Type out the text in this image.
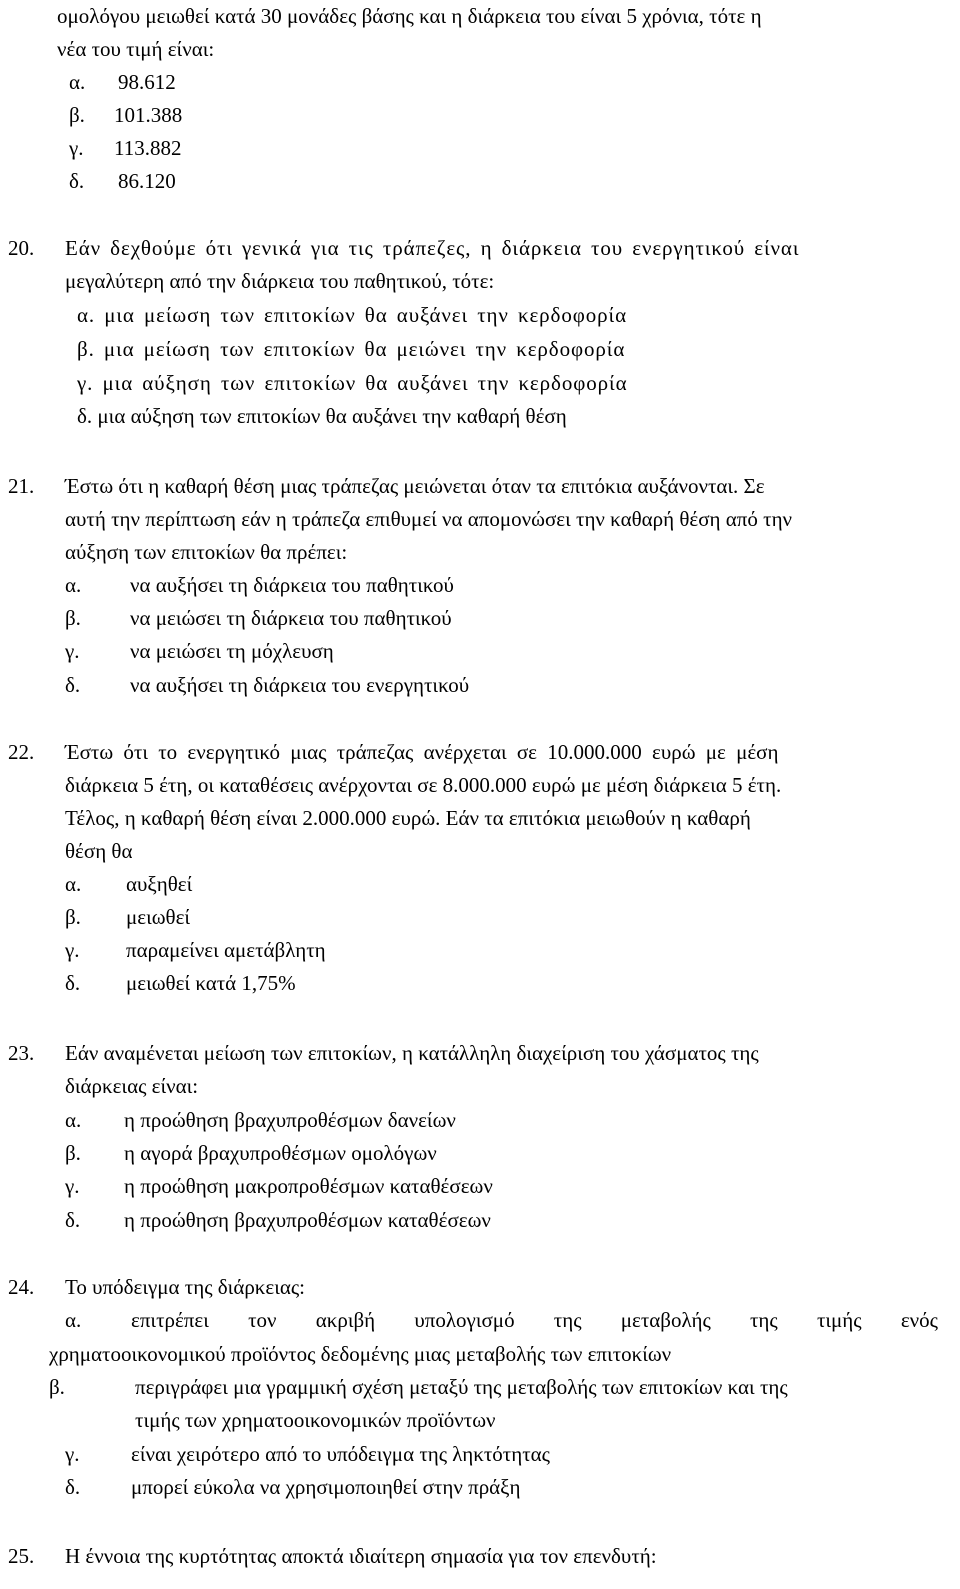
ομολόγου μειωθεί κατά 30 μονάδες βάσης και η διάρκεια του είναι 5 χρόνια, τότε η
νέα του τιμή είναι:
α. 98.612
β. 101.388
γ. 113.882
δ. 86.120
20. Εάν δεχθούμε ότι γενικά για τις τράπεζες, η διάρκεια του ενεργητικού είναι
μεγαλύτερη από την διάρκεια του παθητικού, τότε:
α. μια μείωση των επιτοκίων θα αυξάνει την κερδοφορία
β. μια μείωση των επιτοκίων θα μειώνει την κερδοφορία
γ. μια αύξηση των επιτοκίων θα αυξάνει την κερδοφορία
δ. μια αύξηση των επιτοκίων θα αυξάνει την καθαρή θέση
21. Έστω ότι η καθαρή θέση μιας τράπεζας μειώνεται όταν τα επιτόκια αυξάνονται. Σε
αυτή την περίπτωση εάν η τράπεζα επιθυμεί να απομονώσει την καθαρή θέση από την
αύξηση των επιτοκίων θα πρέπει:
α. να αυξήσει τη διάρκεια του παθητικού
β. να μειώσει τη διάρκεια του παθητικού
γ. να μειώσει τη μόχλευση
δ. να αυξήσει τη διάρκεια του ενεργητικού
22. Έστω ότι το ενεργητικό μιας τράπεζας ανέρχεται σε 10.000.000 ευρώ με μέση
διάρκεια 5 έτη, οι καταθέσεις ανέρχονται σε 8.000.000 ευρώ με μέση διάρκεια 5 έτη.
Τέλος, η καθαρή θέση είναι 2.000.000 ευρώ. Εάν τα επιτόκια μειωθούν η καθαρή
θέση θα
α. αυξηθεί
β. μειωθεί
γ. παραμείνει αμετάβλητη
δ. μειωθεί κατά 1,75%
23. Εάν αναμένεται μείωση των επιτοκίων, η κατάλληλη διαχείριση του χάσματος της
διάρκειας είναι:
α. η προώθηση βραχυπροθέσμων δανείων
β. η αγορά βραχυπροθέσμων ομολόγων
γ. η προώθηση μακροπροθέσμων καταθέσεων
δ. η προώθηση βραχυπροθέσμων καταθέσεων
24. Το υπόδειγμα της διάρκειας:
α. επιτρέπει τον ακριβή υπολογισμό της μεταβολής της τιμής ενός
χρηματοοικονομικού προϊόντος δεδομένης μιας μεταβολής των επιτοκίων
β.	περιγράφει μια γραμμική σχέση μεταξύ της μεταβολής των επιτοκίων και της
τιμής των χρηματοοικονομικών προϊόντων
γ. είναι χειρότερο από το υπόδειγμα της ληκτότητας
δ. μπορεί εύκολα να χρησιμοποιηθεί στην πράξη
25. Η έννοια της κυρτότητας αποκτά ιδιαίτερη σημασία για τον επενδυτή:
